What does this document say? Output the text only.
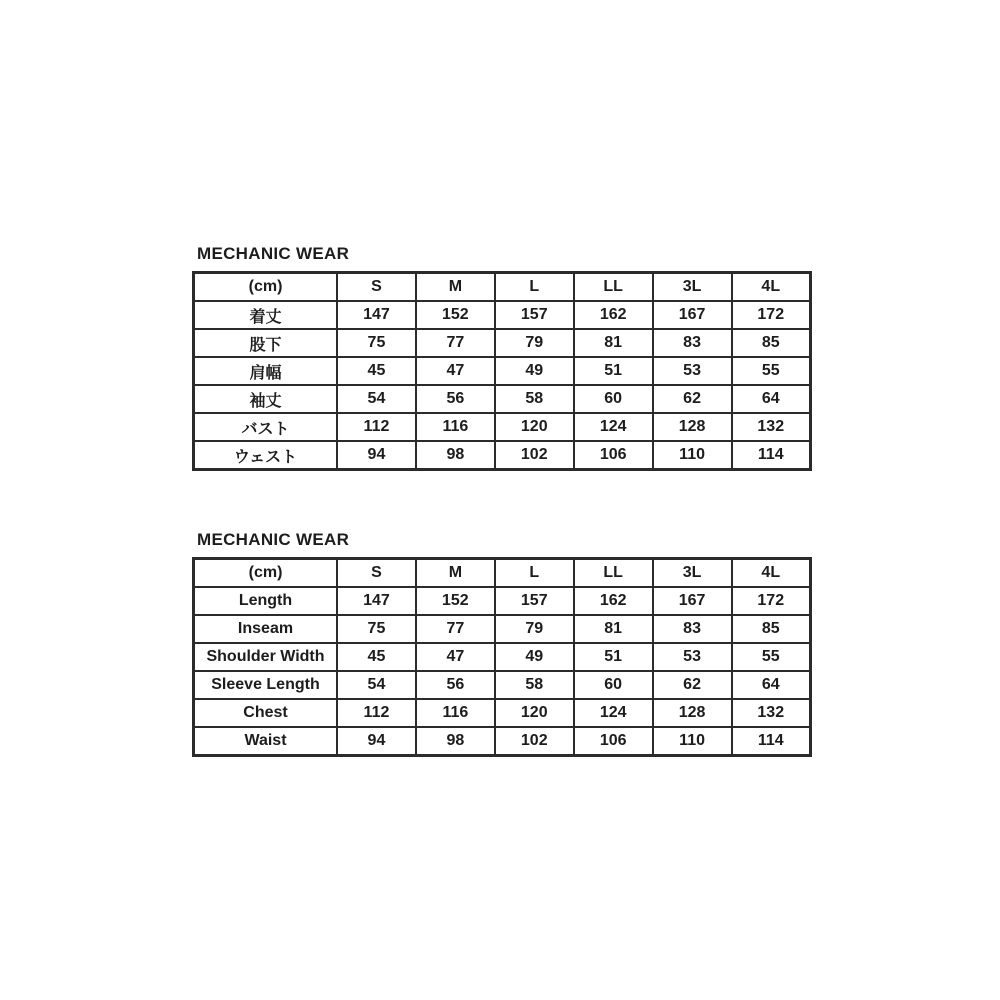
MECHANIC WEAR
(cm)	S	M	L	LL	3L	4L
着丈	147	152	157	162	167	172
股下	75	77	79	81	83	85
肩幅	45	47	49	51	53	55
袖丈	54	56	58	60	62	64
バスト	112	116	120	124	128	132
ウェスト	94	98	102	106	110	114
MECHANIC WEAR
(cm)	S	M	L	LL	3L	4L
Length	147	152	157	162	167	172
Inseam	75	77	79	81	83	85
Shoulder Width	45	47	49	51	53	55
Sleeve Length	54	56	58	60	62	64
Chest	112	116	120	124	128	132
Waist	94	98	102	106	110	114
